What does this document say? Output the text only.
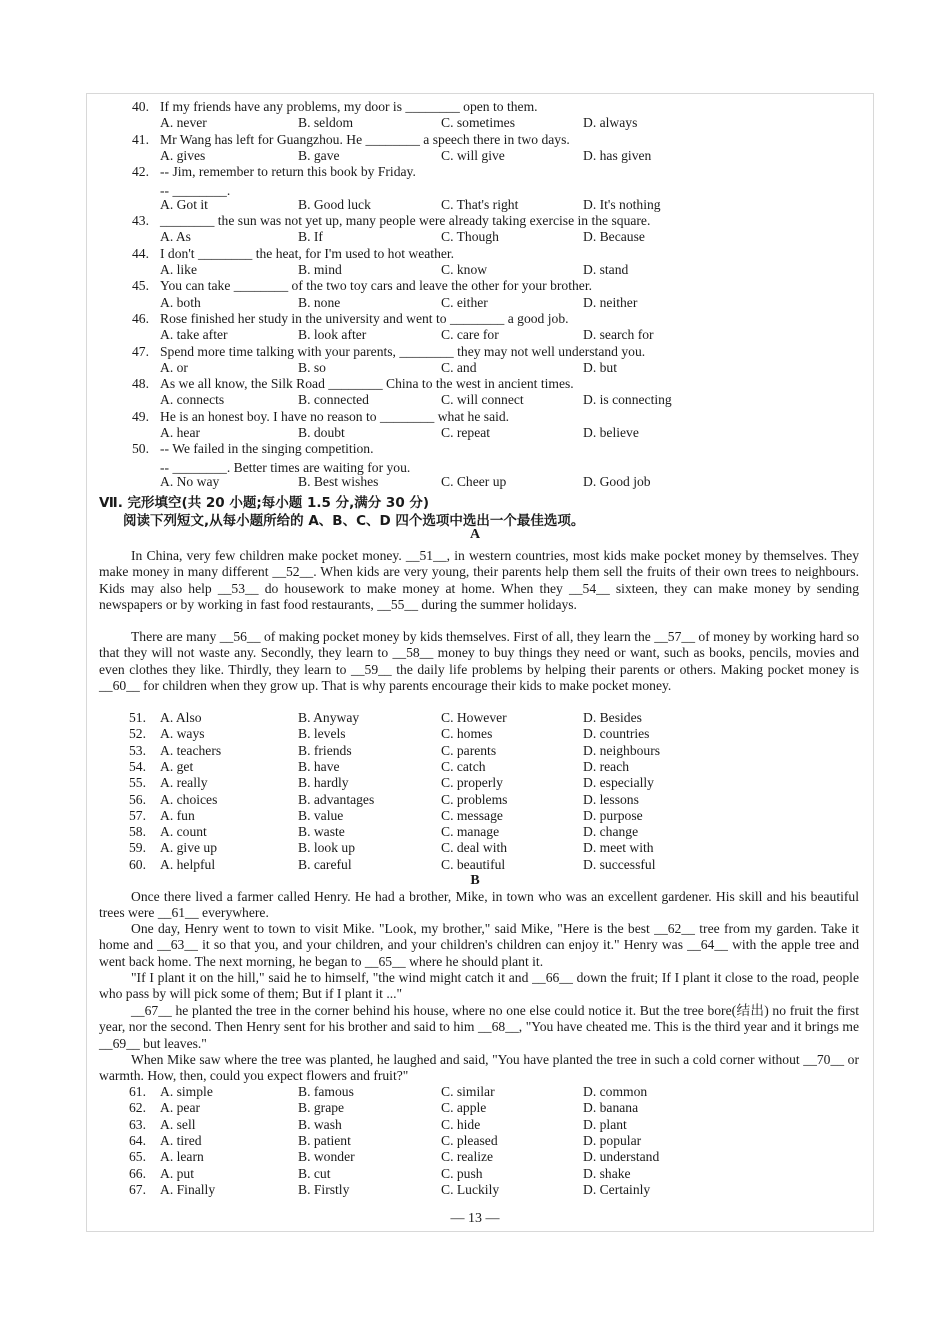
40. If my friends have any problems, my door is ________ open to them.
A. never	B. seldom	C. sometimes	D. always
41. Mr Wang has left for Guangzhou. He ________ a speech there in two days.
A. gives	B. gave	C. will give	D. has given
42. -- Jim, remember to return this book by Friday.
-- ________.
A. Got it	B. Good luck	C. That's right	D. It's nothing
43. ________ the sun was not yet up, many people were already taking exercise in the square.
A. As	B. If	C. Though	D. Because
44. I don't ________ the heat, for I'm used to hot weather.
A. like	B. mind	C. know	D. stand
45. You can take ________ of the two toy cars and leave the other for your brother.
A. both	B. none	C. either	D. neither
46. Rose finished her study in the university and went to ________ a good job.
A. take after	B. look after	C. care for	D. search for
47. Spend more time talking with your parents, ________ they may not well understand you.
A. or	B. so	C. and	D. but
48. As we all know, the Silk Road ________ China to the west in ancient times.
A. connects	B. connected	C. will connect	D. is connecting
49. He is an honest boy. I have no reason to ________ what he said.
A. hear	B. doubt	C. repeat	D. believe
50. -- We failed in the singing competition.
-- ________. Better times are waiting for you.
A. No way	B. Best wishes	C. Cheer up	D. Good job
Ⅶ. 完形填空(共 20 小题;每小题 1.5 分,满分 30 分)
阅读下列短文,从每小题所给的 A、B、C、D 四个选项中选出一个最佳选项。
A
In China, very few children make pocket money. __51__, in western countries, most kids make pocket money by themselves. They make money in many different __52__. When kids are very young, their parents help them sell the fruits of their own trees to neighbours. Kids may also help __53__ do housework to make money at home. When they __54__ sixteen, they can make money by sending newspapers or by working in fast food restaurants, __55__ during the summer holidays.
There are many __56__ of making pocket money by kids themselves. First of all, they learn the __57__ of money by working hard so that they will not waste any. Secondly, they learn to __58__ money to buy things they need or want, such as books, pencils, movies and even clothes they like. Thirdly, they learn to __59__ the daily life problems by helping their parents or others. Making pocket money is __60__ for children when they grow up. That is why parents encourage their kids to make pocket money.
51. A. Also	B. Anyway	C. However	D. Besides
52. A. ways	B. levels	C. homes	D. countries
53. A. teachers	B. friends	C. parents	D. neighbours
54. A. get	B. have	C. catch	D. reach
55. A. really	B. hardly	C. properly	D. especially
56. A. choices	B. advantages	C. problems	D. lessons
57. A. fun	B. value	C. message	D. purpose
58. A. count	B. waste	C. manage	D. change
59. A. give up	B. look up	C. deal with	D. meet with
60. A. helpful	B. careful	C. beautiful	D. successful
B
Once there lived a farmer called Henry. He had a brother, Mike, in town who was an excellent gardener. His skill and his beautiful trees were __61__ everywhere.
One day, Henry went to town to visit Mike. "Look, my brother," said Mike, "Here is the best __62__ tree from my garden. Take it home and __63__ it so that you, and your children, and your children's children can enjoy it." Henry was __64__ with the apple tree and went back home. The next morning, he began to __65__ where he should plant it.
"If I plant it on the hill," said he to himself, "the wind might catch it and __66__ down the fruit; If I plant it close to the road, people who pass by will pick some of them; But if I plant it ..."
__67__ he planted the tree in the corner behind his house, where no one else could notice it. But the tree bore(结出) no fruit the first year, nor the second. Then Henry sent for his brother and said to him __68__, "You have cheated me. This is the third year and it brings me __69__ but leaves."
When Mike saw where the tree was planted, he laughed and said, "You have planted the tree in such a cold corner without __70__ or warmth. How, then, could you expect flowers and fruit?"
61. A. simple	B. famous	C. similar	D. common
62. A. pear	B. grape	C. apple	D. banana
63. A. sell	B. wash	C. hide	D. plant
64. A. tired	B. patient	C. pleased	D. popular
65. A. learn	B. wonder	C. realize	D. understand
66. A. put	B. cut	C. push	D. shake
67. A. Finally	B. Firstly	C. Luckily	D. Certainly
— 13 —
